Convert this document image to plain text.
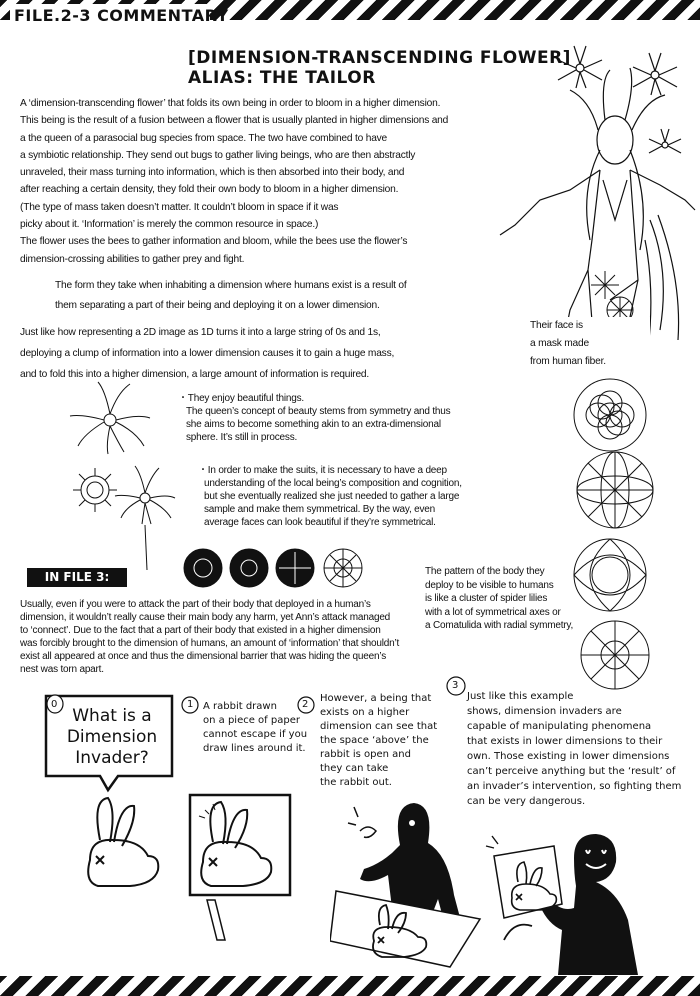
FILE.2-3 COMMENTARY
[DIMENSION-TRANSCENDING FLOWER]
ALIAS: THE TAILOR
A ‘dimension-transcending flower’ that folds its own being in order to bloom in a higher dimension.
This being is the result of a fusion between a flower that is usually planted in higher dimensions and
a the queen of a parasocial bug species from space. The two have combined to have
a symbiotic relationship. They send out bugs to gather living beings, who are then abstractly
unraveled, their mass turning into information, which is then absorbed into their body, and
after reaching a certain density, they fold their own body to bloom in a higher dimension.
(The type of mass taken doesn’t matter. It couldn’t bloom in space if it was
picky about it. ‘Information’ is merely the common resource in space.)
The flower uses the bees to gather information and bloom, while the bees use the flower’s
dimension-crossing abilities to gather prey and fight.
The form they take when inhabiting a dimension where humans exist is a result of
them separating a part of their being and deploying it on a lower dimension.
Just like how representing a 2D image as 1D turns it into a large string of 0s and 1s,
deploying a clump of information into a lower dimension causes it to gain a huge mass,
and to fold this into a higher dimension, a large amount of information is required.
Their face is
a mask made
from human fiber.
・They enjoy beautiful things.
The queen’s concept of beauty stems from symmetry and thus
she aims to become something akin to an extra-dimensional
sphere. It’s still in process.
・In order to make the suits, it is necessary to have a deep
understanding of the local being’s composition and cognition,
but she eventually realized she just needed to gather a large
sample and make them symmetrical. By the way, even
average faces can look beautiful if they’re symmetrical.
The pattern of the body they
deploy to be visible to humans
is like a cluster of spider lilies
with a lot of symmetrical axes or
a Comatulida with radial symmetry,
IN FILE 3:
Usually, even if you were to attack the part of their body that deployed in a human’s
dimension, it wouldn’t really cause their main body any harm, yet Ann’s attack managed
to ‘connect’. Due to the fact that a part of their body that existed in a higher dimension
was forcibly brought to the dimension of humans, an amount of ‘information’ that shouldn’t
exist all appeared at once and thus the dimensional barrier that was hiding the queen’s
nest was torn apart.
0
What is a
Dimension
Invader?
1 A rabbit drawn
on a piece of paper
cannot escape if you
draw lines around it.
2
However, a being that
exists on a higher
dimension can see that
the space ‘above’ the
rabbit is open and
they can take
the rabbit out.
3
Just like this example
shows, dimension invaders are
capable of manipulating phenomena
that exists in lower dimensions to their
own. Those existing in lower dimensions
can’t perceive anything but the ‘result’ of
an invader’s intervention, so fighting them
can be very dangerous.
